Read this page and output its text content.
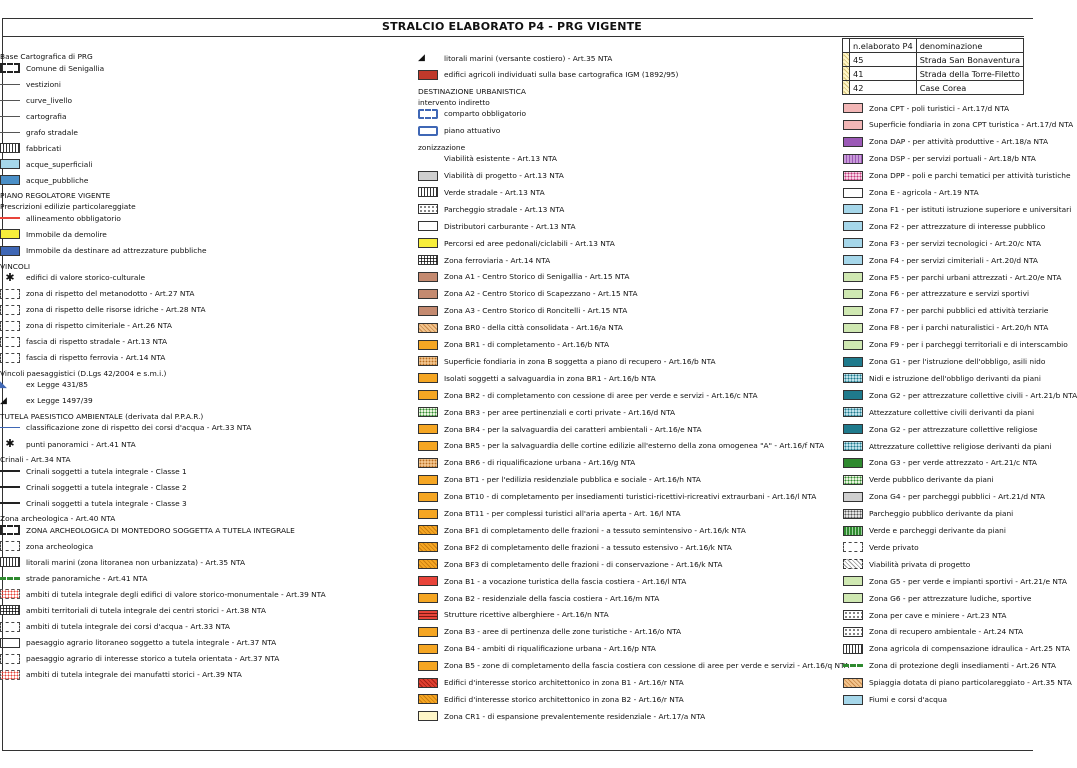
STRALCIO ELABORATO P4 - PRG VIGENTE
Base Cartografica di PRG
Comune di Senigallia
vestizioni
curve_livello
cartografia
grafo stradale
fabbricati
acque_superficiali
acque_pubbliche
PIANO REGOLATORE VIGENTE
Prescrizioni edilizie particolareggiate
allineamento obbligatorio
Immobile da demolire
Immobile da destinare ad attrezzature pubbliche
VINCOLI
✱	edifici di valore storico-culturale
zona di rispetto del metanodotto - Art.27 NTA
zona di rispetto delle risorse idriche - Art.28 NTA
zona di rispetto cimiteriale - Art.26 NTA
fascia di rispetto stradale - Art.13 NTA
fascia di rispetto ferrovia - Art.14 NTA
Vincoli paesaggistici (D.Lgs 42/2004 e s.m.i.)
◣	ex Legge 431/85
◢	ex Legge 1497/39
TUTELA PAESISTICO AMBIENTALE (derivata dal P.P.A.R.)
classificazione zone di rispetto dei corsi d'acqua - Art.33 NTA
✱	punti panoramici - Art.41 NTA
Crinali - Art.34 NTA
Crinali soggetti a tutela integrale - Classe 1
Crinali soggetti a tutela integrale - Classe 2
Crinali soggetti a tutela integrale - Classe 3
Zona archeologica - Art.40 NTA
ZONA ARCHEOLOGICA DI MONTEDORO SOGGETTA A TUTELA INTEGRALE
zona archeologica
litorali marini (zona litoranea non urbanizzata) - Art.35 NTA
strade panoramiche - Art.41 NTA
ambiti di tutela integrale degli edifici di valore storico-monumentale - Art.39 NTA
ambiti territoriali di tutela integrale dei centri storici - Art.38 NTA
ambiti di tutela integrale dei corsi d'acqua - Art.33 NTA
paesaggio agrario litoraneo soggetto a tutela integrale - Art.37 NTA
paesaggio agrario di interesse storico a tutela orientata - Art.37 NTA
ambiti di tutela integrale dei manufatti storici - Art.39 NTA
◢	litorali marini (versante costiero) - Art.35 NTA
edifici agricoli individuati sulla base cartografica IGM (1892/95)
DESTINAZIONE URBANISTICA
intervento indiretto
comparto obbligatorio
piano attuativo
zonizzazione
Viabilità esistente - Art.13 NTA
Viabilità di progetto - Art.13 NTA
Verde stradale - Art.13 NTA
Parcheggio stradale - Art.13 NTA
Distributori carburante - Art.13 NTA
Percorsi ed aree pedonali/ciclabili - Art.13 NTA
Zona ferroviaria - Art.14 NTA
Zona A1 - Centro Storico di Senigallia - Art.15 NTA
Zona A2 - Centro Storico di Scapezzano - Art.15 NTA
Zona A3 - Centro Storico di Roncitelli - Art.15 NTA
Zona BR0 - della città consolidata - Art.16/a NTA
Zona BR1 - di completamento - Art.16/b NTA
Superficie fondiaria in zona B soggetta a piano di recupero - Art.16/b NTA
Isolati soggetti a salvaguardia in zona BR1 - Art.16/b NTA
Zona BR2 - di completamento con cessione di aree per verde e servizi - Art.16/c NTA
Zona BR3 - per aree pertinenziali e corti private - Art.16/d NTA
Zona BR4 - per la salvaguardia dei caratteri ambientali - Art.16/e NTA
Zona BR5 - per la salvaguardia delle cortine edilizie all'esterno della zona omogenea "A" - Art.16/f NTA
Zona BR6 - di riqualificazione urbana - Art.16/g NTA
Zona BT1 - per l'edilizia residenziale pubblica e sociale - Art.16/h NTA
Zona BT10 - di completamento per insediamenti turistici-ricettivi-ricreativi extraurbani - Art.16/l NTA
Zona BT11 - per complessi turistici all'aria aperta - Art. 16/l NTA
Zona BF1 di completamento delle frazioni - a tessuto semintensivo - Art.16/k NTA
Zona BF2 di completamento delle frazioni - a tessuto estensivo - Art.16/k NTA
Zona BF3 di completamento delle frazioni - di conservazione - Art.16/k NTA
Zona B1 - a vocazione turistica della fascia costiera - Art.16/l NTA
Zona B2 - residenziale della fascia costiera - Art.16/m NTA
Strutture ricettive alberghiere - Art.16/n NTA
Zona B3 - aree di pertinenza delle zone turistiche - Art.16/o NTA
Zona B4 - ambiti di riqualificazione urbana - Art.16/p NTA
Zona B5 - zone di completamento della fascia costiera con cessione di aree per verde e servizi - Art.16/q NTA
Edifici d'interesse storico architettonico in zona B1 - Art.16/r NTA
Edifici d'interesse storico architettonico in zona B2 - Art.16/r NTA
Zona CR1 - di espansione prevalentemente residenziale - Art.17/a NTA
Zona CPT - poli turistici - Art.17/d NTA
Superficie fondiaria in zona CPT turistica - Art.17/d NTA
Zona DAP - per attività produttive - Art.18/a NTA
Zona DSP - per servizi portuali - Art.18/b NTA
Zona DPP - poli e parchi tematici per attività turistiche
Zona E - agricola - Art.19 NTA
Zona F1 - per istituti istruzione superiore e universitari
Zona F2 - per attrezzature di interesse pubblico
Zona F3 - per servizi tecnologici - Art.20/c NTA
Zona F4 - per servizi cimiteriali - Art.20/d NTA
Zona F5 - per parchi urbani attrezzati - Art.20/e NTA
Zona F6 - per attrezzature e servizi sportivi
Zona F7 - per parchi pubblici ed attività terziarie
Zona F8 - per i parchi naturalistici - Art.20/h NTA
Zona F9 - per i parcheggi territoriali e di interscambio
Zona G1 - per l'istruzione dell'obbligo, asili nido
Nidi e istruzione dell'obbligo derivanti da piani
Zona G2 - per attrezzature collettive civili - Art.21/b NTA
Attezzature collettive civili derivanti da piani
Zona G2 - per attrezzature collettive religiose
Attrezzature collettive religiose derivanti da piani
Zona G3 - per verde attrezzato - Art.21/c NTA
Verde pubblico derivante da piani
Zona G4 - per parcheggi pubblici - Art.21/d NTA
Parcheggio pubblico derivante da piani
Verde e parcheggi derivante da piani
Verde privato
Viabilità privata di progetto
Zona G5 - per verde e impianti sportivi - Art.21/e NTA
Zona G6 - per attrezzature ludiche, sportive
Zona per cave e miniere - Art.23 NTA
Zona di recupero ambientale - Art.24 NTA
Zona agricola di compensazione idraulica - Art.25 NTA
Zona di protezione degli insediamenti - Art.26 NTA
Spiaggia dotata di piano particolareggiato - Art.35 NTA
Fiumi e corsi d'acqua
	n.elaborato P4	denominazione
	45	Strada San Bonaventura
	41	Strada della Torre-Filetto
	42	Case Corea
